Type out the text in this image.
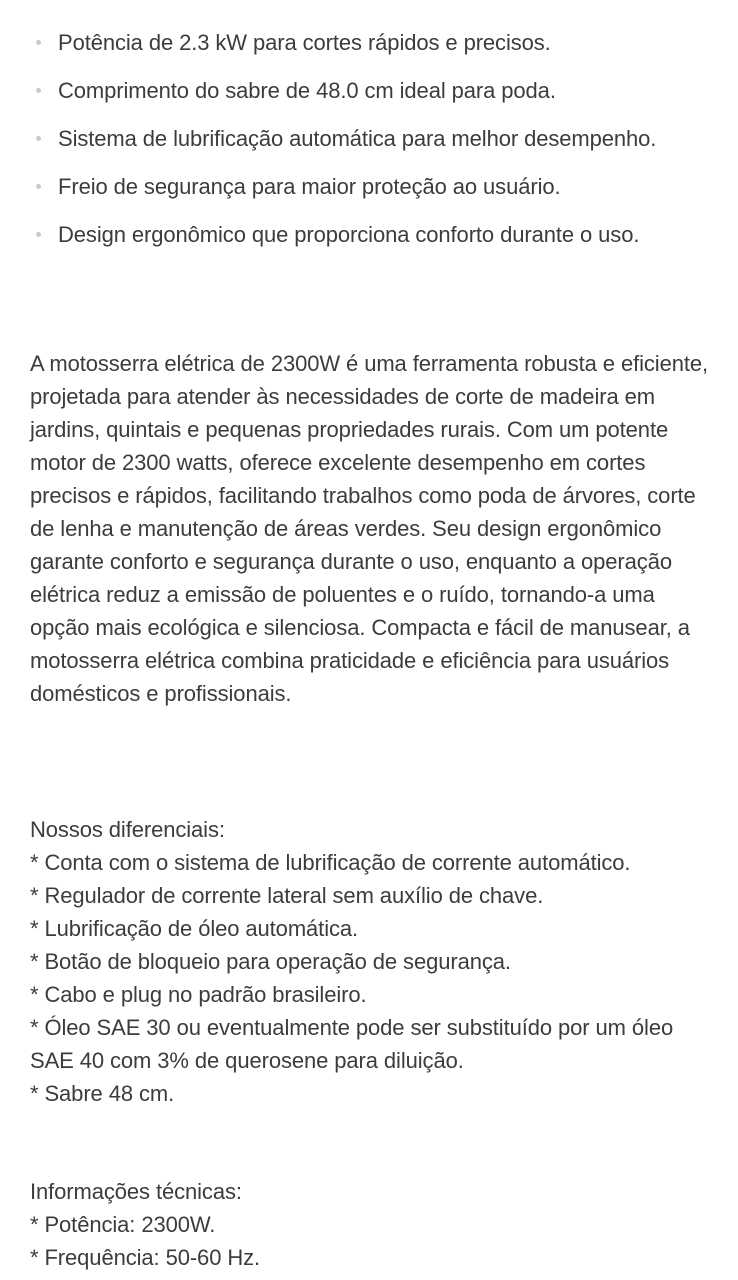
Potência de 2.3 kW para cortes rápidos e precisos.
Comprimento do sabre de 48.0 cm ideal para poda.
Sistema de lubrificação automática para melhor desempenho.
Freio de segurança para maior proteção ao usuário.
Design ergonômico que proporciona conforto durante o uso.

A motosserra elétrica de 2300W é uma ferramenta robusta e eficiente, projetada para atender às necessidades de corte de madeira em jardins, quintais e pequenas propriedades rurais. Com um potente motor de 2300 watts, oferece excelente desempenho em cortes precisos e rápidos, facilitando trabalhos como poda de árvores, corte de lenha e manutenção de áreas verdes. Seu design ergonômico garante conforto e segurança durante o uso, enquanto a operação elétrica reduz a emissão de poluentes e o ruído, tornando-a uma opção mais ecológica e silenciosa. Compacta e fácil de manusear, a motosserra elétrica combina praticidade e eficiência para usuários domésticos e profissionais.

Nossos diferenciais:

* Conta com o sistema de lubrificação de corrente automático.

* Regulador de corrente lateral sem auxílio de chave.

* Lubrificação de óleo automática.

* Botão de bloqueio para operação de segurança.

* Cabo e plug no padrão brasileiro.

* Óleo SAE 30 ou eventualmente pode ser substituído por um óleo SAE 40 com 3% de querosene para diluição.

* Sabre 48 cm.

Informações técnicas:

* Potência: 2300W.

* Frequência: 50-60 Hz.
